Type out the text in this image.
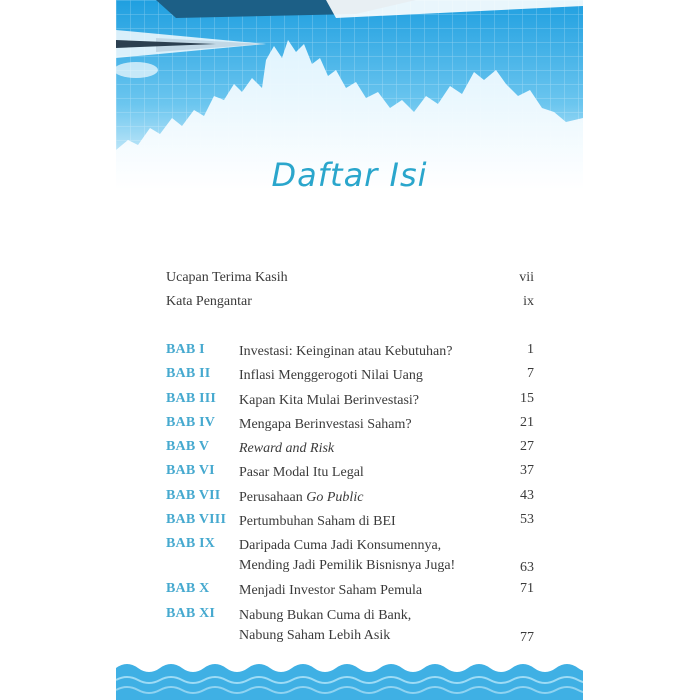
Daftar Isi
Ucapan Terima Kasih	vii
Kata Pengantar	ix
BAB I	Investasi: Keinginan atau Kebutuhan?	1
BAB II	Inflasi Menggerogoti Nilai Uang	7
BAB III	Kapan Kita Mulai Berinvestasi?	15
BAB IV	Mengapa Berinvestasi Saham?	21
BAB V	Reward and Risk	27
BAB VI	Pasar Modal Itu Legal	37
BAB VII	Perusahaan Go Public	43
BAB VIII Pertumbuhan Saham di BEI	53
BAB IX	Daripada Cuma Jadi Konsumennya,
Mending Jadi Pemilik Bisnisnya Juga!	63
BAB X	Menjadi Investor Saham Pemula	71
BAB XI	Nabung Bukan Cuma di Bank,
Nabung Saham Lebih Asik	77
